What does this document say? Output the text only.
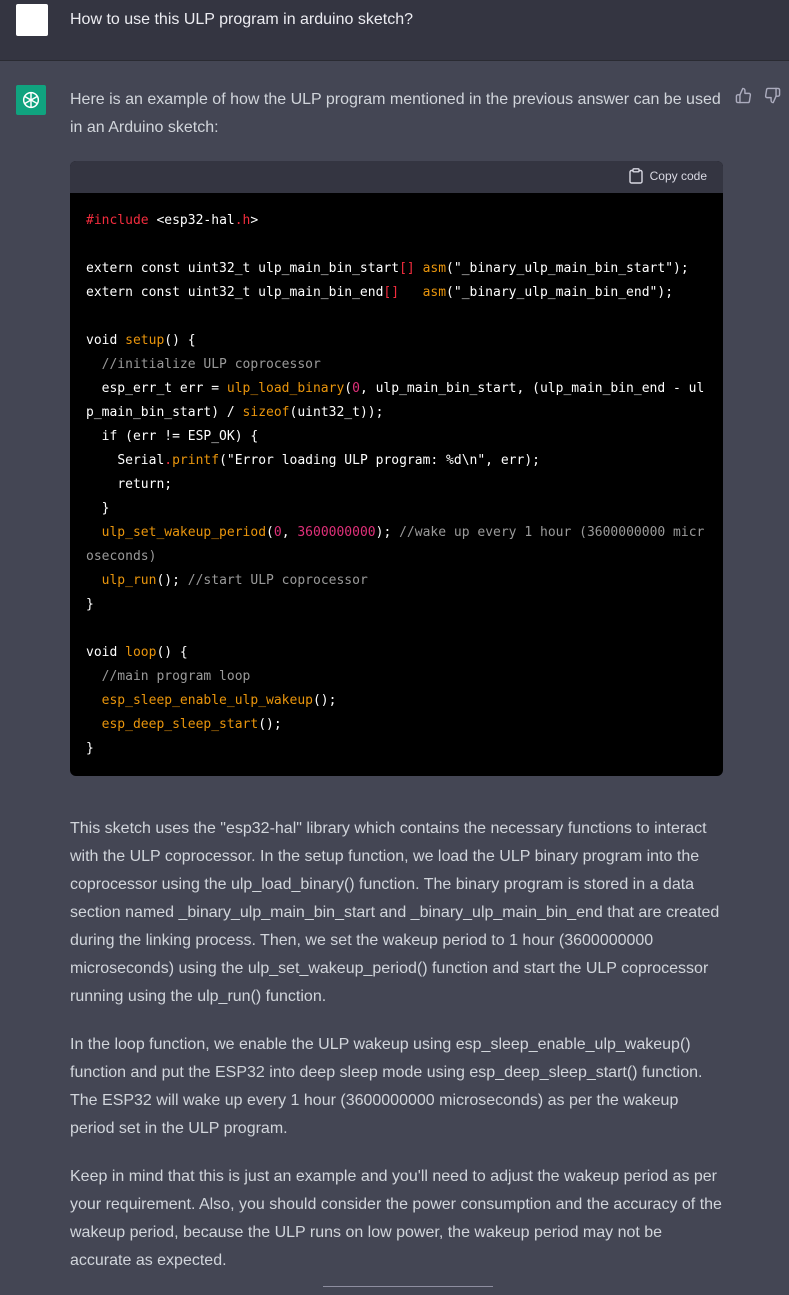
How to use this ULP program in arduino sketch?

Here is an example of how the ULP program mentioned in the previous answer can be used in an Arduino sketch:

Copy code
#include <esp32-hal.h>

extern const uint32_t ulp_main_bin_start[] asm("_binary_ulp_main_bin_start");
extern const uint32_t ulp_main_bin_end[] asm("_binary_ulp_main_bin_end");

void setup() {
//initialize ULP coprocessor
esp_err_t err = ulp_load_binary(0, ulp_main_bin_start, (ulp_main_bin_end - ulp_main_bin_start) / sizeof(uint32_t));
if (err != ESP_OK) {
Serial.printf("Error loading ULP program: %d\n", err);
return;
}
ulp_set_wakeup_period(0, 3600000000); //wake up every 1 hour (3600000000 microseconds)
ulp_run(); //start ULP coprocessor
}

void loop() {
//main program loop
esp_sleep_enable_ulp_wakeup();
esp_deep_sleep_start();
}

This sketch uses the "esp32-hal" library which contains the necessary functions to interact with the ULP coprocessor. In the setup function, we load the ULP binary program into the coprocessor using the ulp_load_binary() function. The binary program is stored in a data section named _binary_ulp_main_bin_start and _binary_ulp_main_bin_end that are created during the linking process. Then, we set the wakeup period to 1 hour (3600000000 microseconds) using the ulp_set_wakeup_period() function and start the ULP coprocessor running using the ulp_run() function.

In the loop function, we enable the ULP wakeup using esp_sleep_enable_ulp_wakeup() function and put the ESP32 into deep sleep mode using esp_deep_sleep_start() function. The ESP32 will wake up every 1 hour (3600000000 microseconds) as per the wakeup period set in the ULP program.

Keep in mind that this is just an example and you'll need to adjust the wakeup period as per your requirement. Also, you should consider the power consumption and the accuracy of the wakeup period, because the ULP runs on low power, the wakeup period may not be accurate as expected.
